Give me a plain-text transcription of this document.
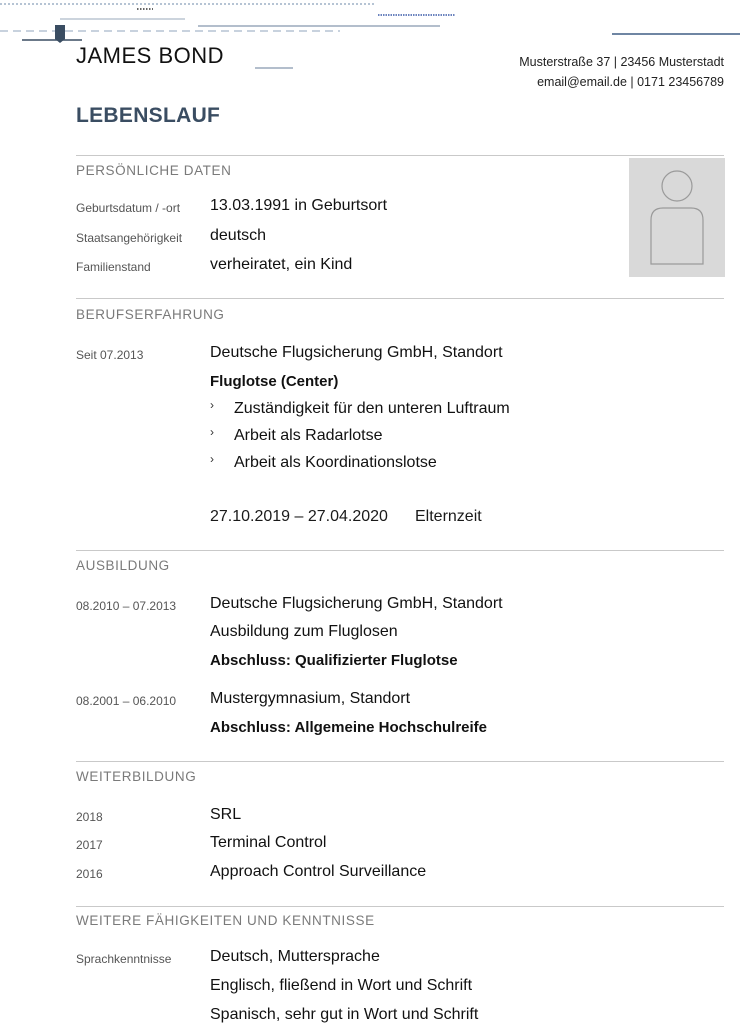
JAMES BOND	Musterstraße 37 | 23456 Musterstadt
email@email.de | 0171 23456789
LEBENSLAUF
PERSÖNLICHE DATEN
Geburtsdatum / -ort 13.03.1991 in Geburtsort
Staatsangehörigkeit deutsch
Familienstand	verheiratet, ein Kind
BERUFSERFAHRUNG
Seit 07.2013	Deutsche Flugsicherung GmbH, Standort
Fluglotse (Center)
› Zuständigkeit für den unteren Luftraum
› Arbeit als Radarlotse
› Arbeit als Koordinationslotse
27.10.2019 – 27.04.2020 Elternzeit
AUSBILDUNG
08.2010 – 07.2013 Deutsche Flugsicherung GmbH, Standort
Ausbildung zum Fluglosen
Abschluss: Qualifizierter Fluglotse
08.2001 – 06.2010 Mustergymnasium, Standort
Abschluss: Allgemeine Hochschulreife
WEITERBILDUNG
2018	SRL
2017	Terminal Control
2016	Approach Control Surveillance
WEITERE FÄHIGKEITEN UND KENNTNISSE
Sprachkenntnisse Deutsch, Muttersprache
Englisch, fließend in Wort und Schrift
Spanisch, sehr gut in Wort und Schrift
